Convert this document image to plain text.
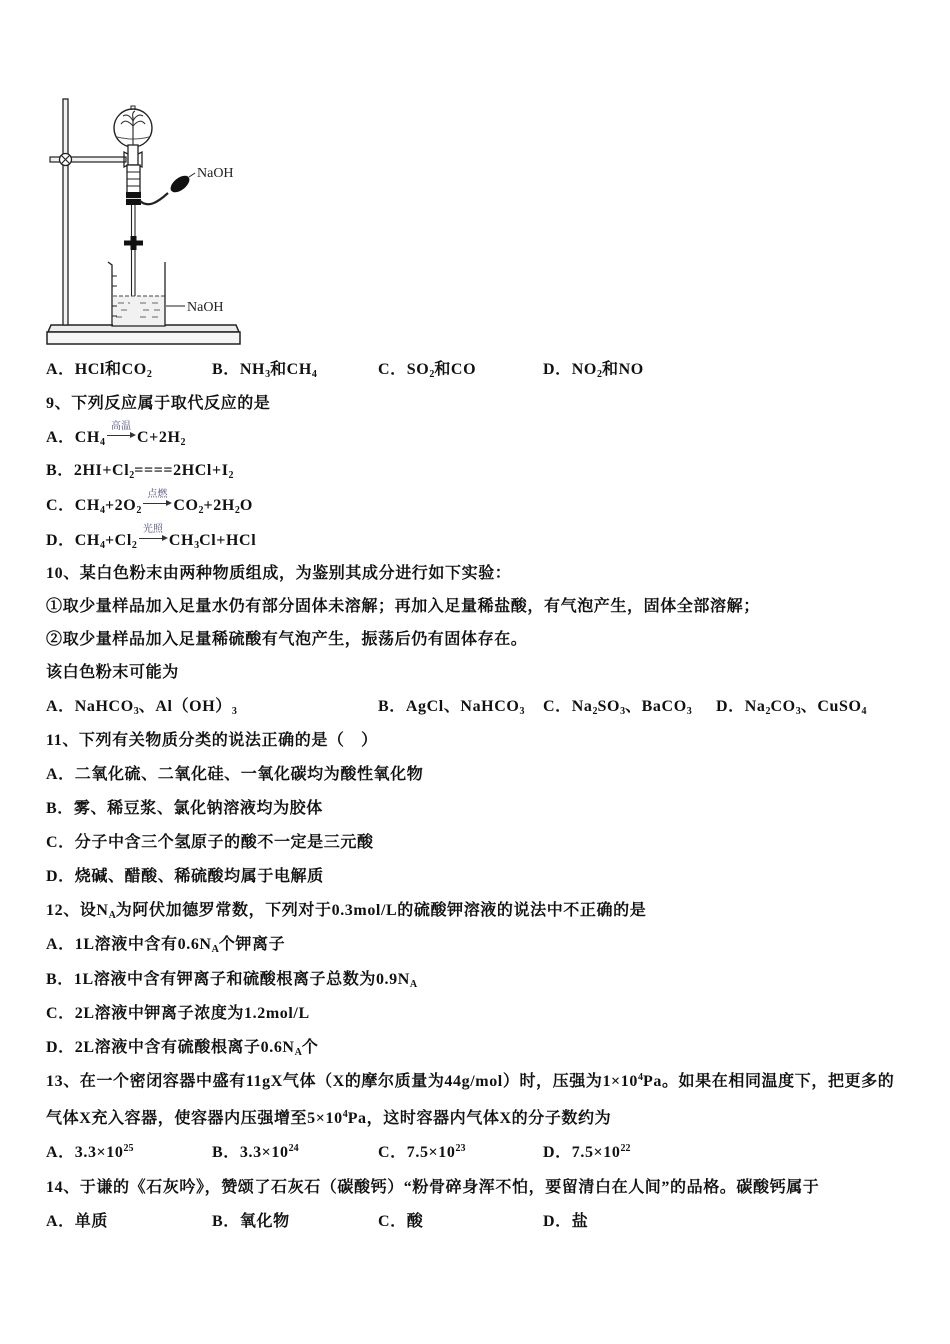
NaOH
NaOH
A．HCl和$CO_2$	B．$NH_3$和$CH_4$	C．$SO_2$和CO	D．$NO_2$和NO
9、下列反应属于取代反应的是
A．$CH_4$
高温
$C+2H_2$
B．$2HI+Cl_2====2HCl+I_2$
C．$CH_4+2O_2$
点燃
$CO_2+2H_2O$
D．$CH_4+Cl_2$
光照
$CH_3Cl+HCl$
10、某白色粉末由两种物质组成，为鉴别其成分进行如下实验：
①取少量样品加入足量水仍有部分固体未溶解；再加入足量稀盐酸，有气泡产生，固体全部溶解；
②取少量样品加入足量稀硫酸有气泡产生，振荡后仍有固体存在。
该白色粉末可能为
A．NaHCO$_3$、$Al(OH)_3$	B．AgCl、NaHCO$_3$ C．$Na_2SO_3$、BaCO$_3$ D．$Na_2CO_3$、CuSO$_4$
11、下列有关物质分类的说法正确的是（　）
A．二氧化硫、二氧化硅、一氧化碳均为酸性氧化物
B．雾、稀豆浆、氯化钠溶液均为胶体
C．分子中含三个氢原子的酸不一定是三元酸
D．烧碱、醋酸、稀硫酸均属于电解质
12、设$N_A$为阿伏加德罗常数，下列对于0.3mol/L的硫酸钾溶液的说法中不正确的是
A．1L溶液中含有$0.6N_A$个钾离子
B．1L溶液中含有钾离子和硫酸根离子总数为$0.9N_A$
C．2L溶液中钾离子浓度为1.2mol/L
D．2L溶液中含有硫酸根离子$0.6N_A$个
13、在一个密闭容器中盛有11gX气体（X的摩尔质量为44g/mol）时，压强为$1\times 10^4Pa$。如果在相同温度下，把更多的
气体X充入容器，使容器内压强增至$5\times 10^4Pa$，这时容器内气体X的分子数约为
A．$3.3\times 10^{25}$	B．$3.3\times 10^{24}$	C．$7.5\times 10^{23}$	D．$7.5\times 10^{22}$
14、于谦的《石灰吟》，赞颂了石灰石（碳酸钙）“粉骨碎身浑不怕，要留清白在人间”的品格。碳酸钙属于
A．单质	B．氧化物	C．酸	D．盐
